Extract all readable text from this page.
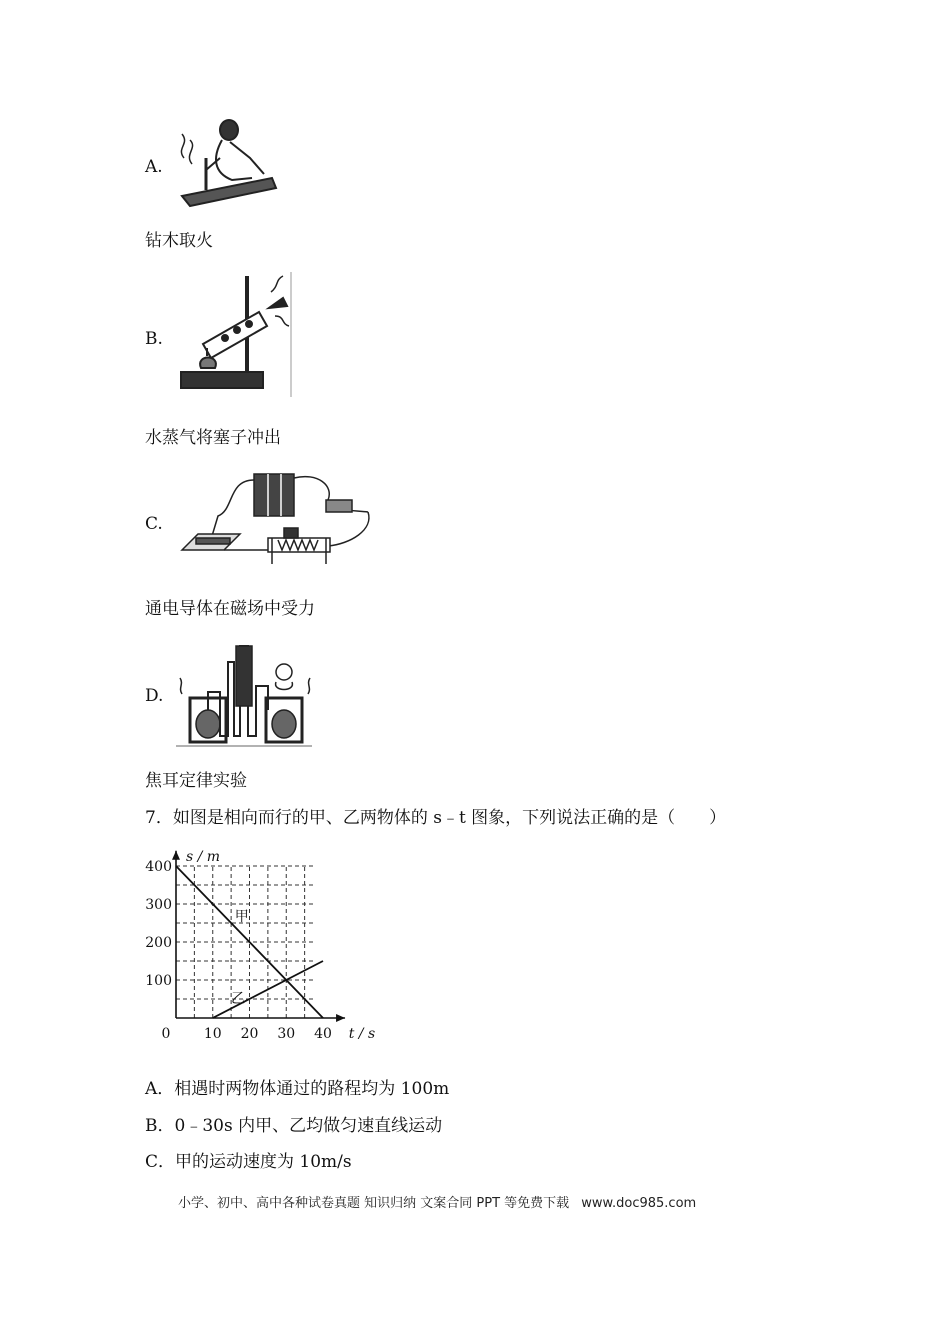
A.
钻木取火
B.
水蒸气将塞子冲出
C.
通电导体在磁场中受力
D.
焦耳定律实验
7．如图是相向而行的甲、乙两物体的 s﹣t 图象，下列说法正确的是（　　）
0 10 20 30 40
100
200
300
400
s / m
t / s
甲
乙
A．相遇时两物体通过的路程均为 100m
B．0﹣30s 内甲、乙均做匀速直线运动
C．甲的运动速度为 10m/s
小学、初中、高中各种试卷真题 知识归纳 文案合同 PPT 等免费下载 www.doc985.com
